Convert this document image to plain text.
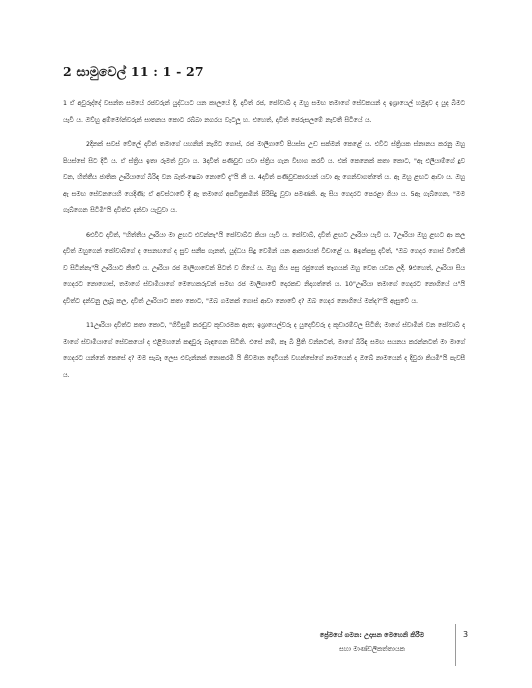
2 සාමුවෙල් 11 : 1 - 27

1 ඒ අවුරුද්දේ වසන්ත සමයේ රජවරුන් යුද්ධයට යන කාලයේ දී, දාවිත් රජ, ජෝවාබ් ද ඔහු සමඟ තමාගේ සේවකයන් ද ඉශ්‍රායෙල් හමුදාව ද යුද බිමට යැවී ය. ඔව්හු අම්මෝන්වරුන් සාතනය කොට රබ්බා නගරය වැටලූ හ. එහෙත්, දාවිත් ජෙරුසලමේ නැවතී සිටියේ ය.

2දිනක් සවස් වේලේ දාවිත් තමාගේ යහනින් නැගිට ගොස්, රජ මාලිගාවේ පියස්ස උඩ සක්මන් කෙළේ ය. එවිට ස්ත්‍රියක ස්නානය කරනු ඔහු පියස්සේ සිට දිටී ය. ඒ ස්ත්‍රිය ඉතා රූමත් වූවා ය. 3දාවිත් පණිවුඩ යවා ස්ත්‍රිය ගැන විභාග කරවී ය. එක් කෙනෙක් කතා කොට, "ඇ එලියාම්ගේ දුව වන, හිත්තීය ජාතික ඌරියාගේ බිරිඳ වන බැත්-ෂෙබා නොවේ දැ"යි කී ය. 4දාවිත් පණිවුඩකාරයන් යවා ඇ ගෙන්වාගත්තේ ය. ඇ ඔහු ළඟට ආවා ය. ඔහු ඇ සමඟ සේවනයෙහි යෙදිණි; ඒ අවස්ථාවේ දී ඇ තමාගේ අපවිත්‍රකමින් පිරිසිදු වූවා පමණකි. ඇ සිය ගෙදරට පෙරළා ගියා ය. 5ඇ ගැබ්ගෙන, "මම ගැබ්ගෙන සිටිමි"යි දාවිත්ට දන්වා යැවුවා ය.

6එවිට දාවිත්, "හිත්තීය ඌරියා මා ළඟට එවන්නැ"යි ජෝවාබ්ට කියා යැවී ය. ජෝවාබ්, දාවිත් ළඟට ඌරියා යැවී ය. 7ඌරියා ඔහු ළඟට ආ කල දාවිත් ඔහුගෙන් ජෝවාබ්ගේ ද සෙනඟගේ ද සුව සනීප ගැනත්, යුද්ධය සිදු වෙමින් යන ආකාරයත් විචාළේ ය. 8ඉන්පසු දාවිත්, "ඔබ ගෙදර ගොස් විවේකී ව සිටින්නැ"යි ඌරියාට කීවේ ය. ඌරියා රජ මාලිගාවෙන් පිටත් ව ගියේ ය. ඔහු ගිය පසු රජුගෙන් තෑගයක් ඔහු වෙත යවන ලදී. 9එහෙත්, ඌරියා සිය ගෙදරට නොගොස්, තමාගේ ස්වාමියාගේ මෙහෙකරුවන් සමඟ රජ මාලිගාවේ දොරකඩ නිදාගත්තේ ය. 10"ඌරියා තමාගේ ගෙදරට නොගියේ ය"යි දාවිත්ට දන්වනු ලැබූ කල, දාවිත් ඌරියාට කතා කොට, "ඔබ ගමනක් ගොස් ආවා නොවේ ද? ඔබ ගෙදර නොගියේ මන්ද?"යි ඇසුවේ ය.

11ඌරියා දාවිත්ට කතා කොට, "ගිවිසුම් කරඬුව කූඩාරමක ඇත; ඉශ්‍රායෙල්වරු ද යුදෙව්වරු ද කූඩාරම්වල සිටිති; මාගේ ස්වාමීන් වන ජෝවාබ් ද මාගේ ස්වාමියාගේ සේවකයෝ ද එළිමහනේ කඳවුරු බැඳගෙන සිටිති. එසේ නම්, කෑ බී ප්‍රීති වන්නටත්, මාගේ බිරිඳ සමඟ සයනය කරන්නටත් මා මාගේ ගෙදරට යන්නේ කෙසේ ද? මම සැබෑ ලෙස එවැන්නක් නොකරමි යි ජීවමාන දෙවියන් වහන්සේගේ නාමයෙන් ද ඔබේ නාමයෙන් ද දිවුරා කියමි"යි පැවසී ය.

ප්‍රේමයේ ගමන: උදාසන මෙහෙනි කිරීම
සහා මාණ්ඩලිකත්තායක
3
